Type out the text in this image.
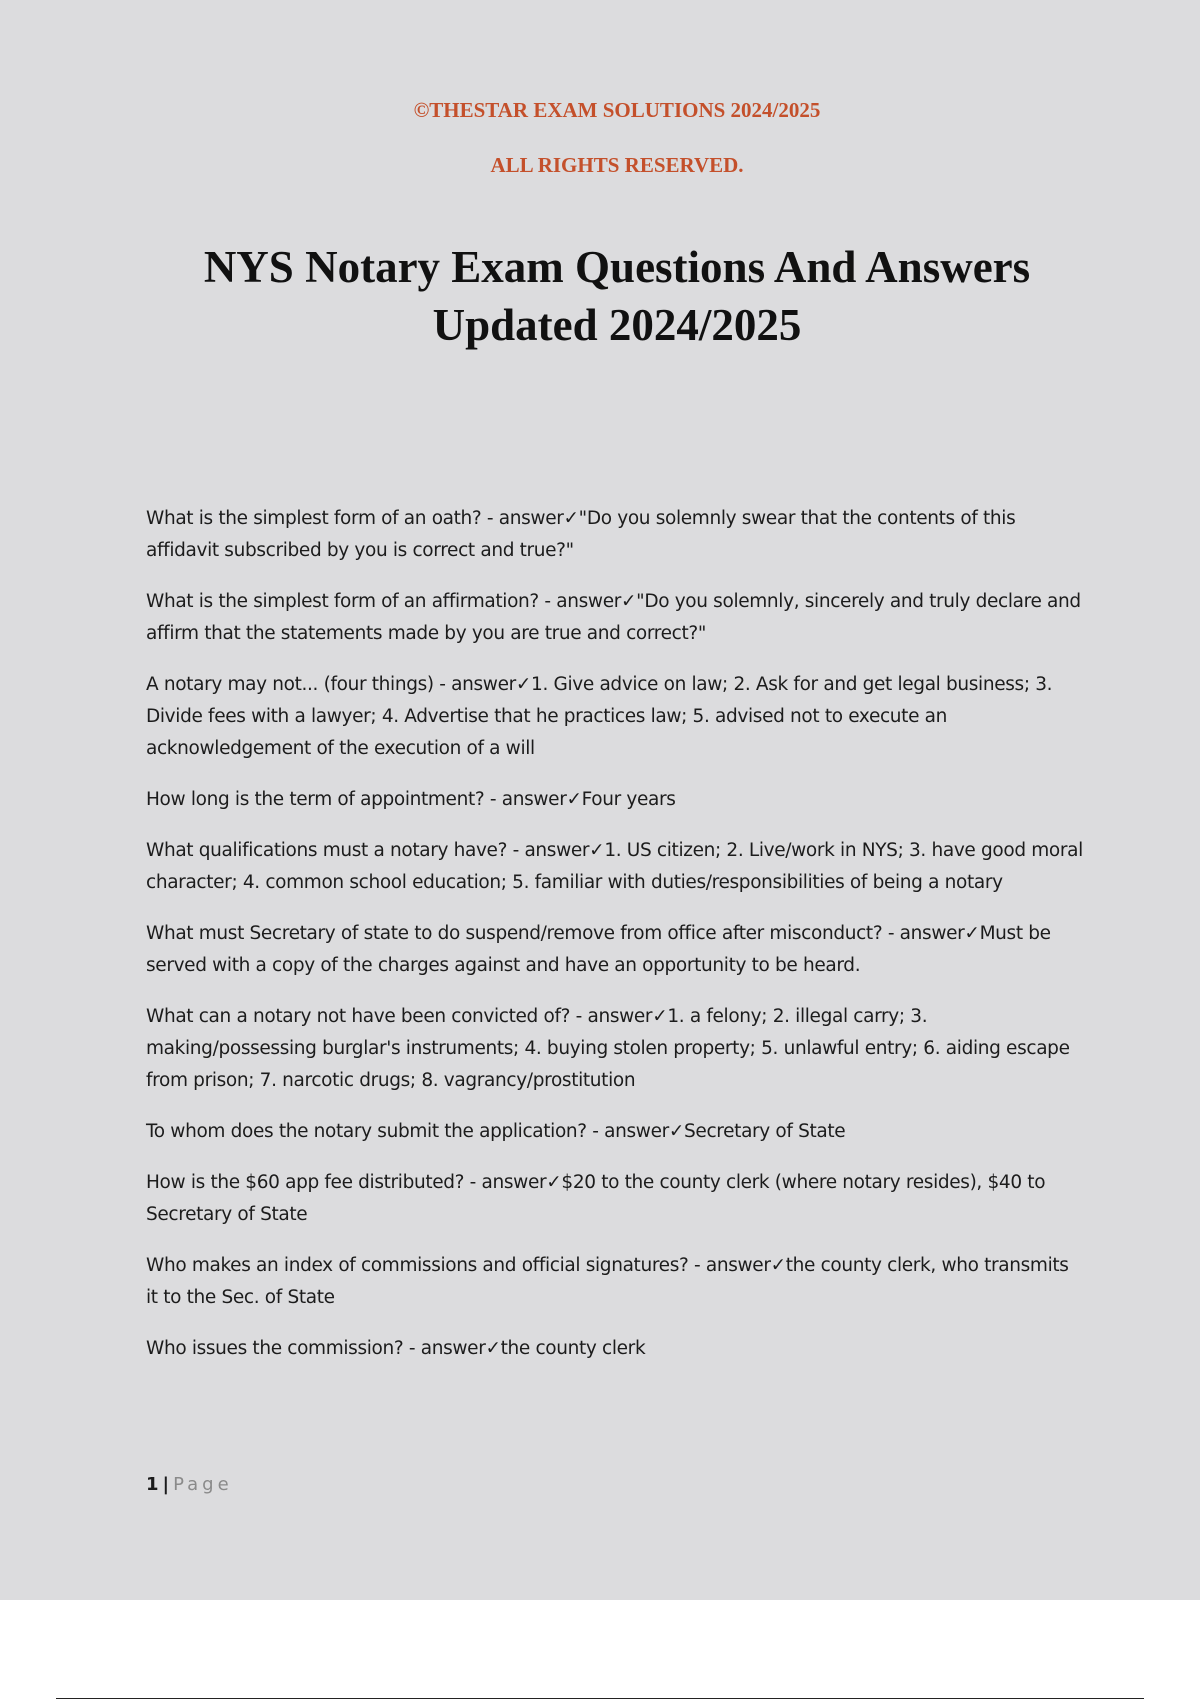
©THESTAR EXAM SOLUTIONS 2024/2025

ALL RIGHTS RESERVED.

NYS Notary Exam Questions And Answers
Updated 2024/2025
What is the simplest form of an oath? - answer✓"Do you solemnly swear that the contents of this affidavit subscribed by you is correct and true?"
What is the simplest form of an affirmation? - answer✓"Do you solemnly, sincerely and truly declare and affirm that the statements made by you are true and correct?"
A notary may not... (four things) - answer✓1. Give advice on law; 2. Ask for and get legal business; 3. Divide fees with a lawyer; 4. Advertise that he practices law; 5. advised not to execute an acknowledgement of the execution of a will
How long is the term of appointment? - answer✓Four years
What qualifications must a notary have? - answer✓1. US citizen; 2. Live/work in NYS; 3. have good moral character; 4. common school education; 5. familiar with duties/responsibilities of being a notary
What must Secretary of state to do suspend/remove from office after misconduct? - answer✓Must be served with a copy of the charges against and have an opportunity to be heard.
What can a notary not have been convicted of? - answer✓1. a felony; 2. illegal carry; 3. making/possessing burglar's instruments; 4. buying stolen property; 5. unlawful entry; 6. aiding escape from prison; 7. narcotic drugs; 8. vagrancy/prostitution
To whom does the notary submit the application? - answer✓Secretary of State
How is the $60 app fee distributed? - answer✓$20 to the county clerk (where notary resides), $40 to Secretary of State
Who makes an index of commissions and official signatures? - answer✓the county clerk, who transmits it to the Sec. of State
Who issues the commission? - answer✓the county clerk
1 | Page
